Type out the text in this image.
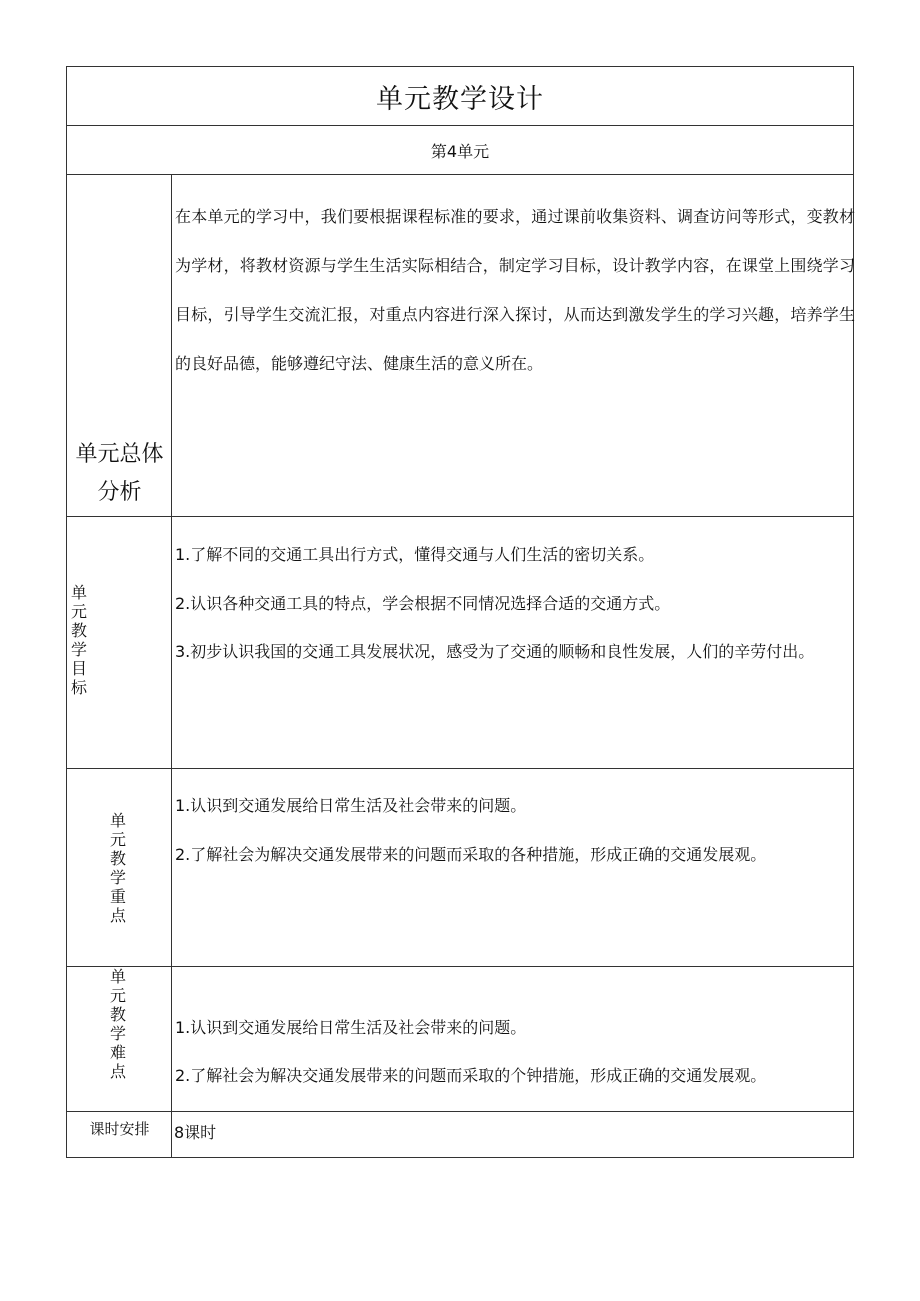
单元教学设计
第4单元
单元总体分析
在本单元的学习中，我们要根据课程标准的要求，通过课前收集资料、调查访问等形式，变教材为学材，将教材资源与学生生活实际相结合，制定学习目标，设计教学内容，在课堂上围绕学习目标，引导学生交流汇报，对重点内容进行深入探讨，从而达到激发学生的学习兴趣，培养学生的良好品德，能够遵纪守法、健康生活的意义所在。
单元教学目标
1.了解不同的交通工具出行方式，懂得交通与人们生活的密切关系。
2.认识各种交通工具的特点，学会根据不同情况选择合适的交通方式。
3.初步认识我国的交通工具发展状况，感受为了交通的顺畅和良性发展，人们的辛劳付出。
单元教学重点
1.认识到交通发展给日常生活及社会带来的问题。
2.了解社会为解决交通发展带来的问题而采取的各种措施，形成正确的交通发展观。
单元教学难点
1.认识到交通发展给日常生活及社会带来的问题。
2.了解社会为解决交通发展带来的问题而采取的个钟措施，形成正确的交通发展观。
课时安排	8课时
